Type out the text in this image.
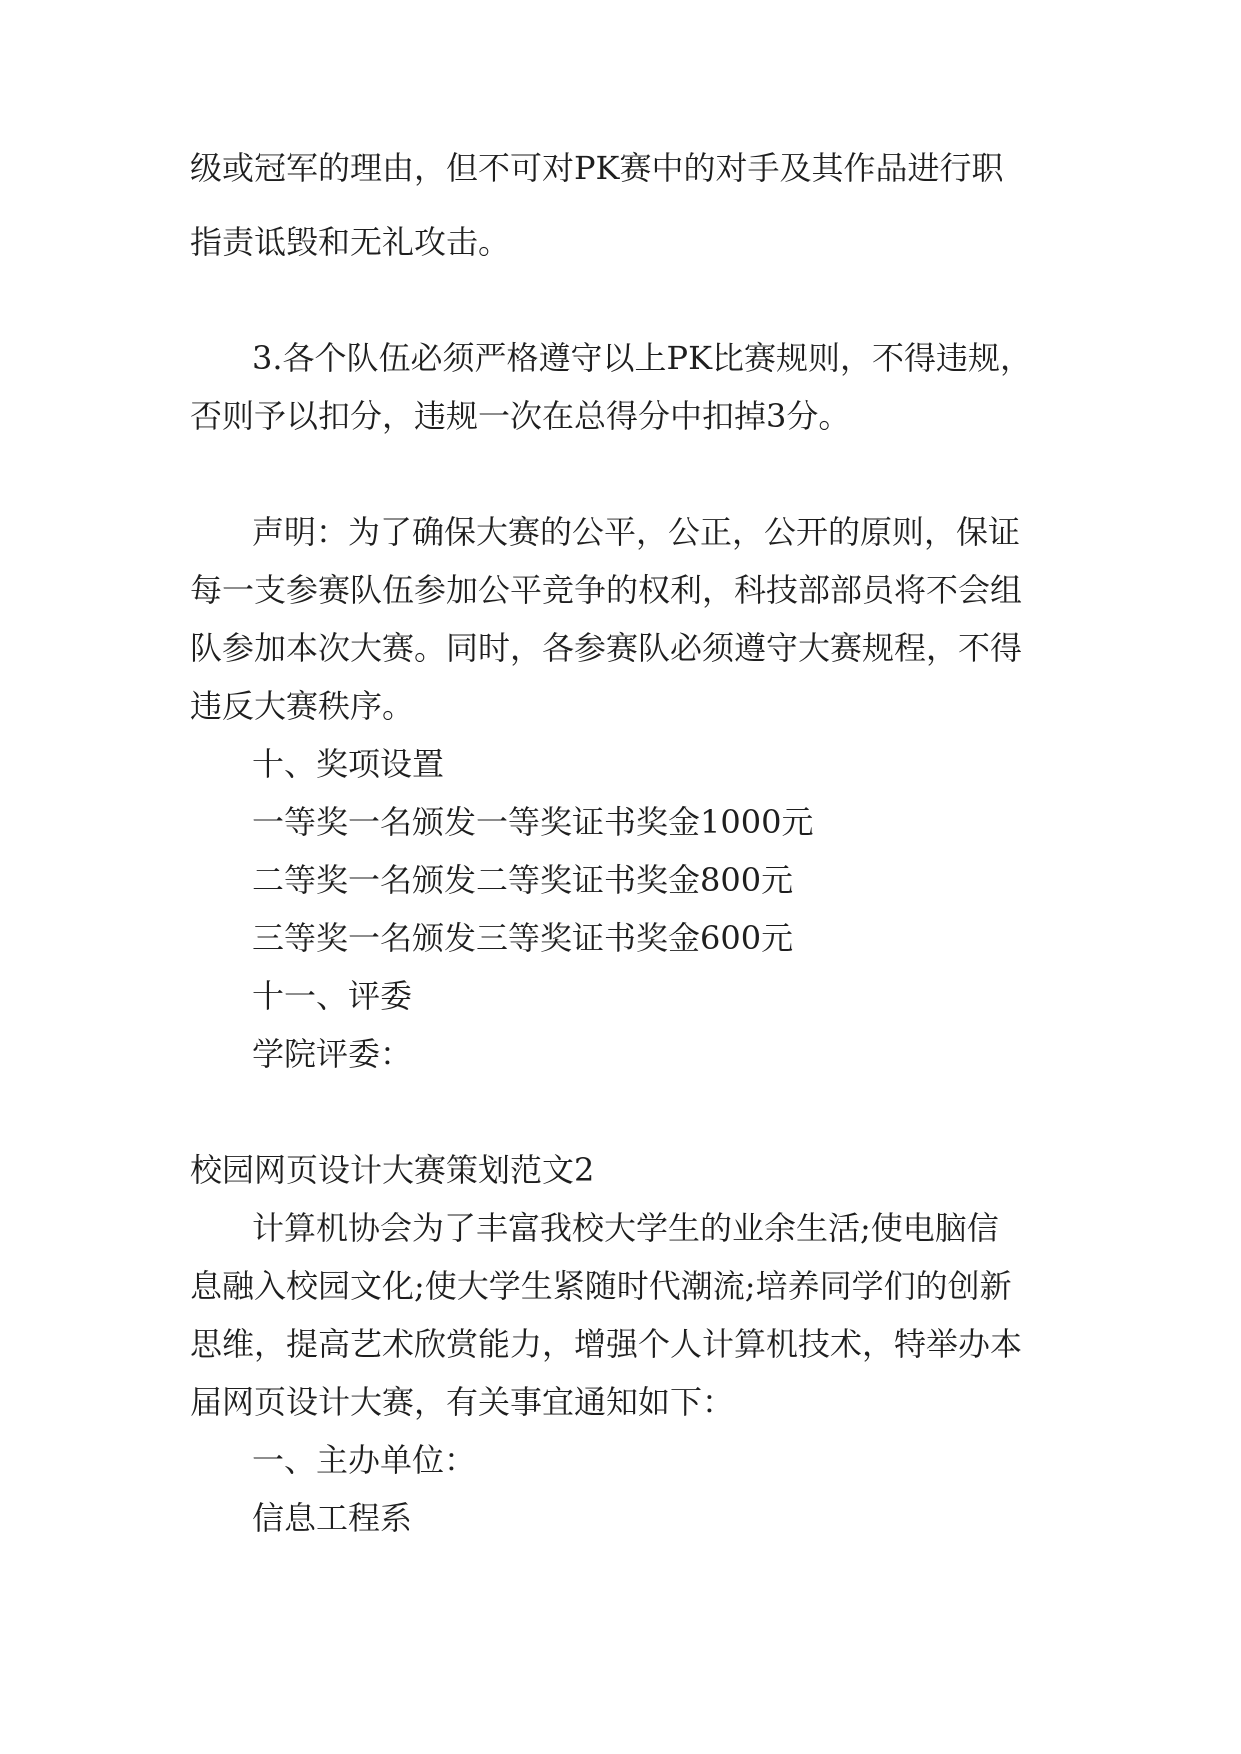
级或冠军的理由，但不可对PK赛中的对手及其作品进行职
指责诋毁和无礼攻击。
3.各个队伍必须严格遵守以上PK比赛规则，不得违规，
否则予以扣分，违规一次在总得分中扣掉3分。
声明：为了确保大赛的公平，公正，公开的原则，保证
每一支参赛队伍参加公平竞争的权利，科技部部员将不会组
队参加本次大赛。同时，各参赛队必须遵守大赛规程，不得
违反大赛秩序。
十、奖项设置
一等奖一名颁发一等奖证书奖金1000元
二等奖一名颁发二等奖证书奖金800元
三等奖一名颁发三等奖证书奖金600元
十一、评委
学院评委：
校园网页设计大赛策划范文2
计算机协会为了丰富我校大学生的业余生活;使电脑信
息融入校园文化;使大学生紧随时代潮流;培养同学们的创新
思维，提高艺术欣赏能力，增强个人计算机技术，特举办本
届网页设计大赛，有关事宜通知如下：
一、主办单位：
信息工程系
